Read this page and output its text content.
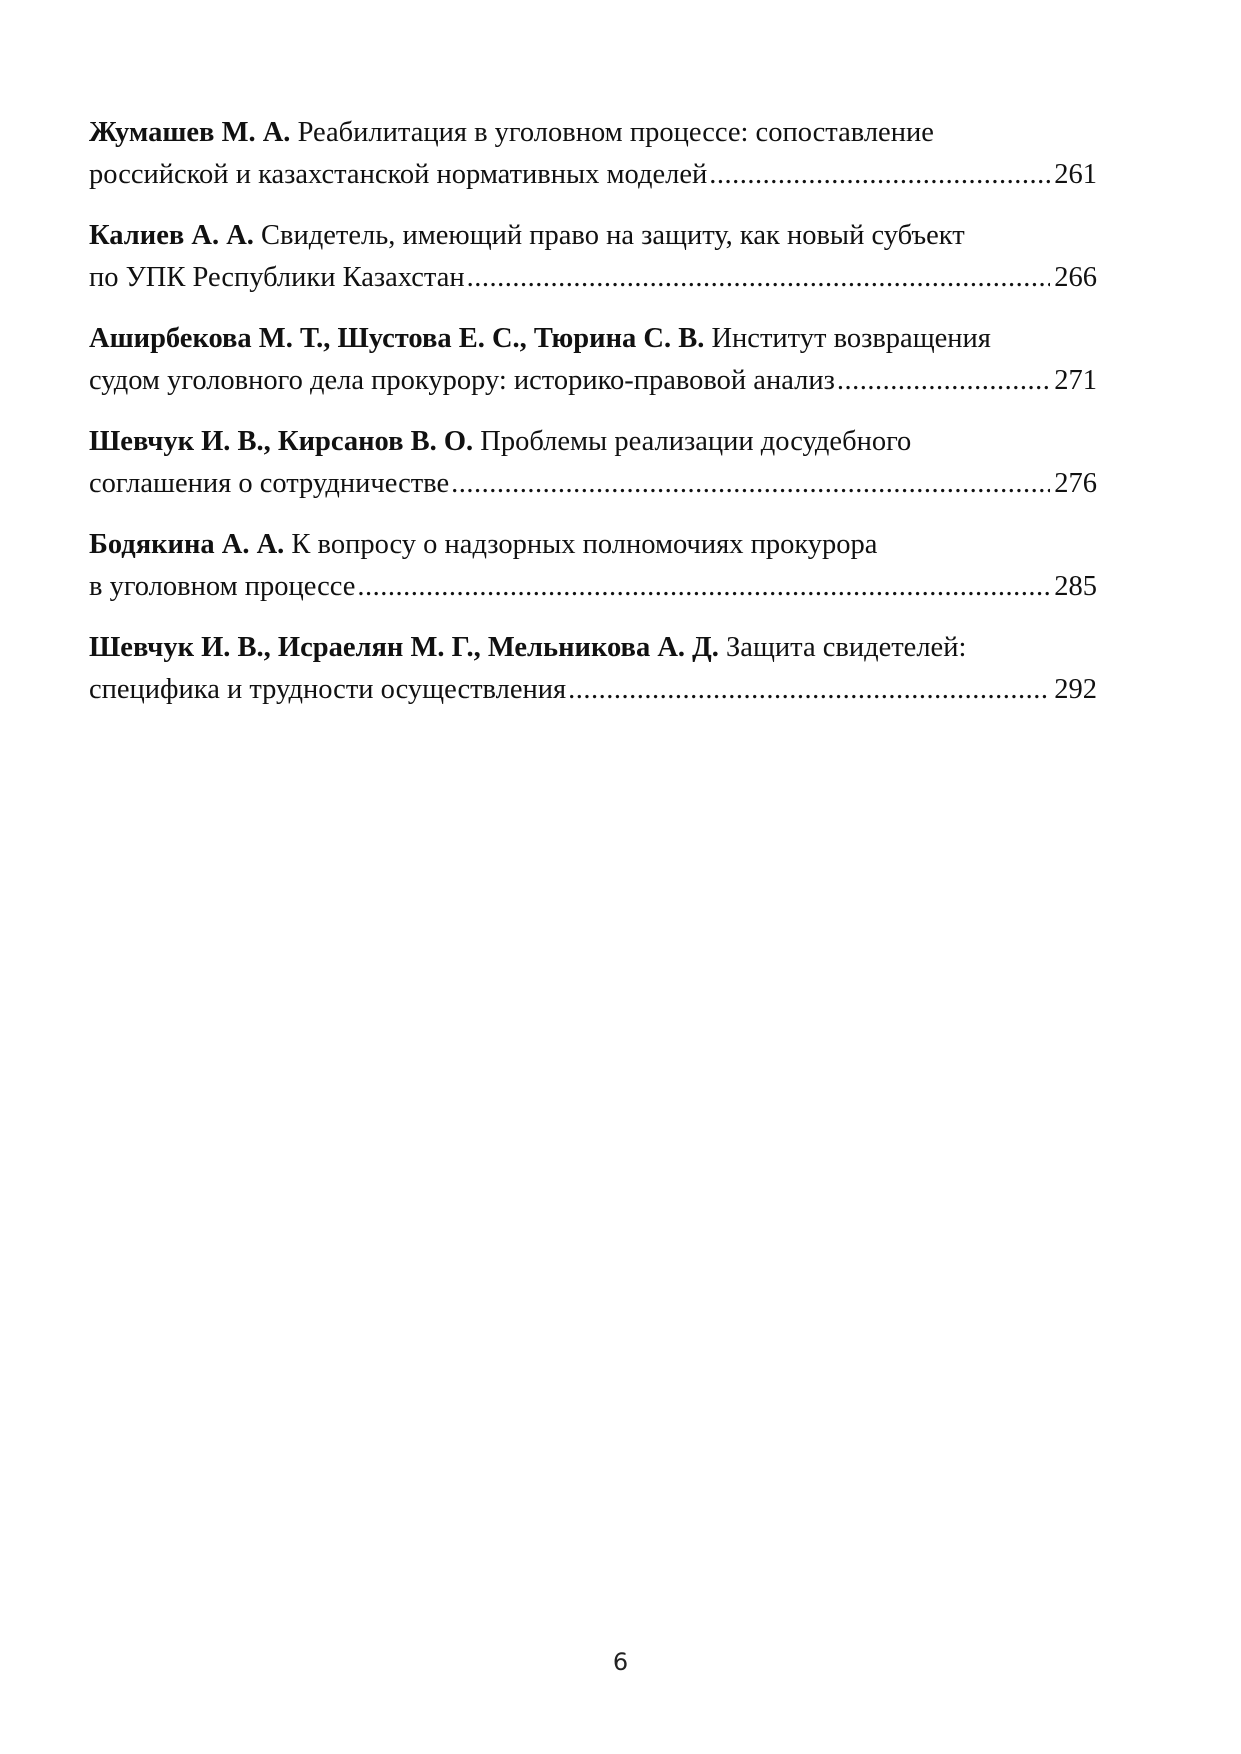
Жумашев М. А. Реабилитация в уголовном процессе: сопоставление
российской и казахстанской нормативных моделей .....	261
Калиев А. А. Свидетель, имеющий право на защиту, как новый субъект
по УПК Республики Казахстан .....	266
Аширбекова М. Т., Шустова Е. С., Тюрина С. В. Институт возвращения
судом уголовного дела прокурору: историко-правовой анализ .....	271
Шевчук И. В., Кирсанов В. О. Проблемы реализации досудебного
соглашения о сотрудничестве .....	276
Бодякина А. А. К вопросу о надзорных полномочиях прокурора
в уголовном процессе .....	285
Шевчук И. В., Исраелян М. Г., Мельникова А. Д. Защита свидетелей:
специфика и трудности осуществления .....	292
6
